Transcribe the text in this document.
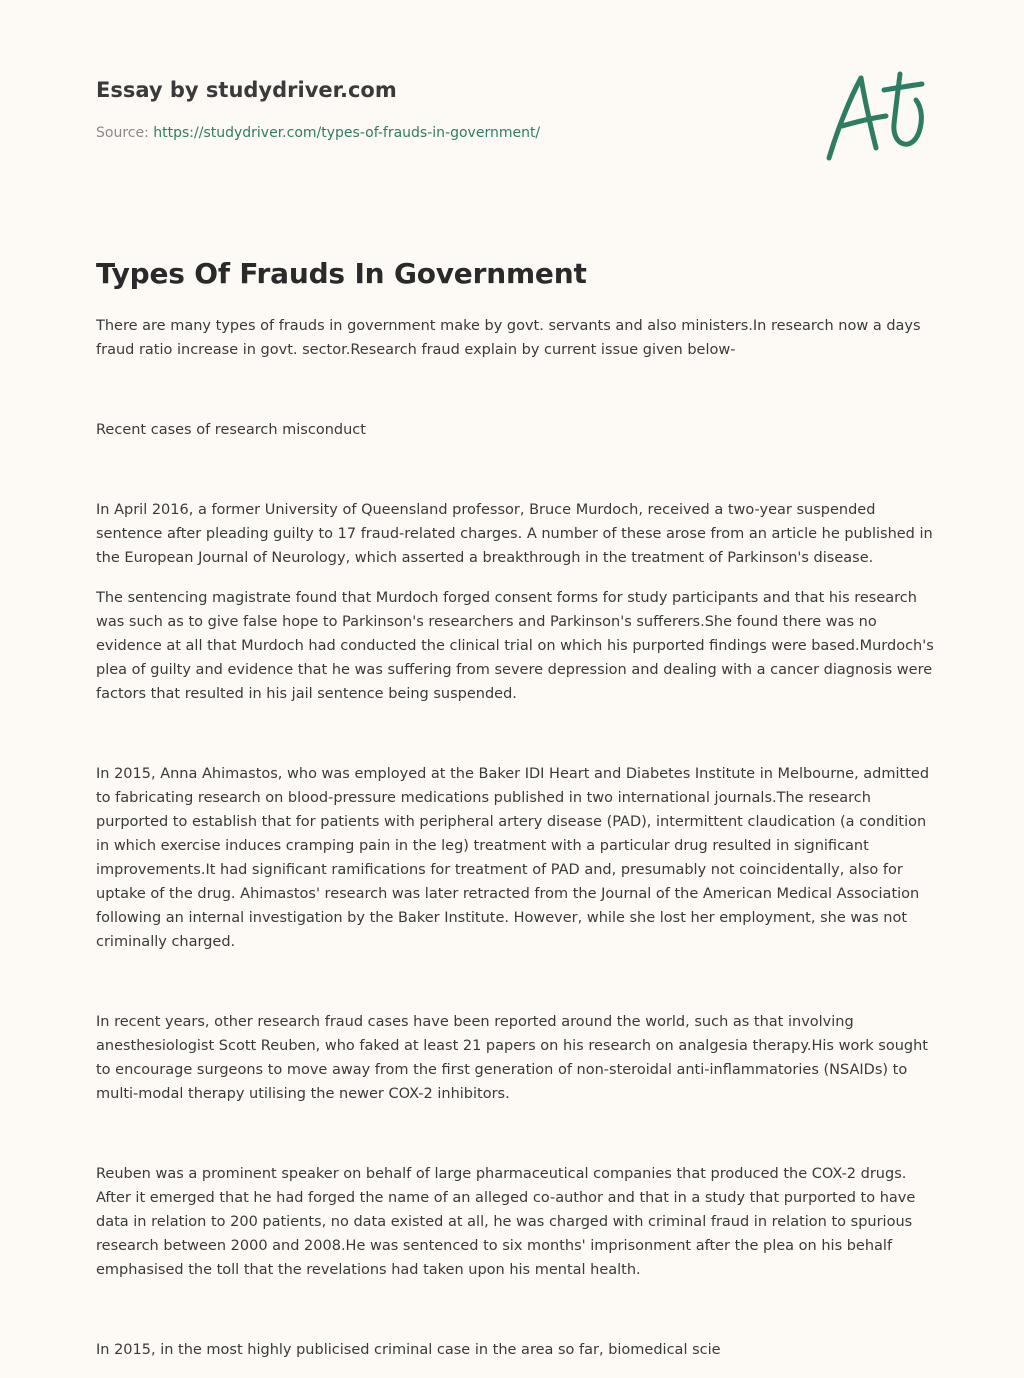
Essay by studydriver.com

Source: https://studydriver.com/types-of-frauds-in-government/
Types Of Frauds In Government

There are many types of frauds in government make by govt. servants and also ministers.In research now a days fraud ratio increase in govt. sector.Research fraud explain by current issue given below-

Recent cases of research misconduct

In April 2016, a former University of Queensland professor, Bruce Murdoch, received a two-year suspended sentence after pleading guilty to 17 fraud-related charges. A number of these arose from an article he published in the European Journal of Neurology, which asserted a breakthrough in the treatment of Parkinson's disease.

The sentencing magistrate found that Murdoch forged consent forms for study participants and that his research was such as to give false hope to Parkinson's researchers and Parkinson's sufferers.She found there was no evidence at all that Murdoch had conducted the clinical trial on which his purported findings were based.Murdoch's plea of guilty and evidence that he was suffering from severe depression and dealing with a cancer diagnosis were factors that resulted in his jail sentence being suspended.

In 2015, Anna Ahimastos, who was employed at the Baker IDI Heart and Diabetes Institute in Melbourne, admitted to fabricating research on blood-pressure medications published in two international journals.The research purported to establish that for patients with peripheral artery disease (PAD), intermittent claudication (a condition in which exercise induces cramping pain in the leg) treatment with a particular drug resulted in significant improvements.It had significant ramifications for treatment of PAD and, presumably not coincidentally, also for uptake of the drug. Ahimastos' research was later retracted from the Journal of the American Medical Association following an internal investigation by the Baker Institute. However, while she lost her employment, she was not criminally charged.

In recent years, other research fraud cases have been reported around the world, such as that involving anesthesiologist Scott Reuben, who faked at least 21 papers on his research on analgesia therapy.His work sought to encourage surgeons to move away from the first generation of non-steroidal anti-inflammatories (NSAIDs) to multi-modal therapy utilising the newer COX-2 inhibitors.

Reuben was a prominent speaker on behalf of large pharmaceutical companies that produced the COX-2 drugs. After it emerged that he had forged the name of an alleged co-author and that in a study that purported to have data in relation to 200 patients, no data existed at all, he was charged with criminal fraud in relation to spurious research between 2000 and 2008.He was sentenced to six months' imprisonment after the plea on his behalf emphasised the toll that the revelations had taken upon his mental health.

In 2015, in the most highly publicised criminal case in the area so far, biomedical scie
